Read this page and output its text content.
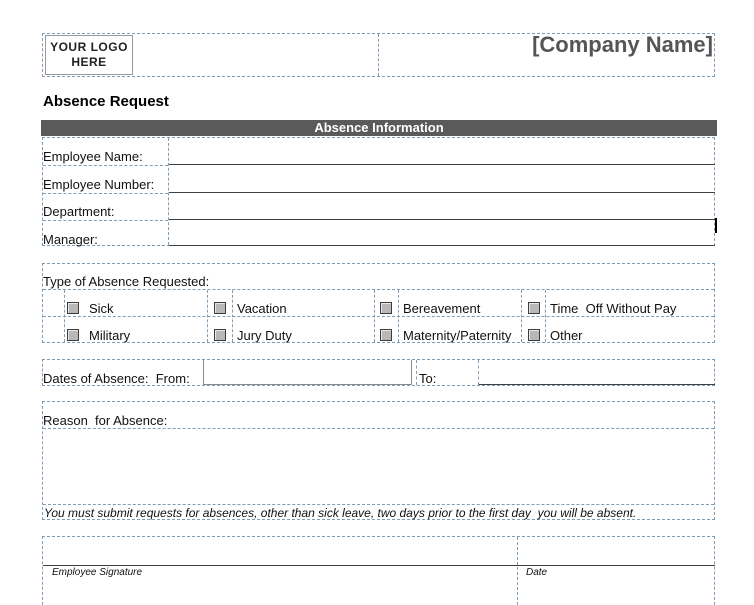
YOUR LOGO
HERE
[Company Name]
Absence Request
Absence Information
Employee Name:
Employee Number:
Department:
Manager:
Type of Absence Requested:
Sick	Vacation	Bereavement	Time  Off Without Pay
Military	Jury Duty	Maternity/Paternity	Other
Dates of Absence:  From:	To:
Reason  for Absence:
You must submit requests for absences, other than sick leave, two days prior to the first day  you will be absent.
Employee Signature	Date
